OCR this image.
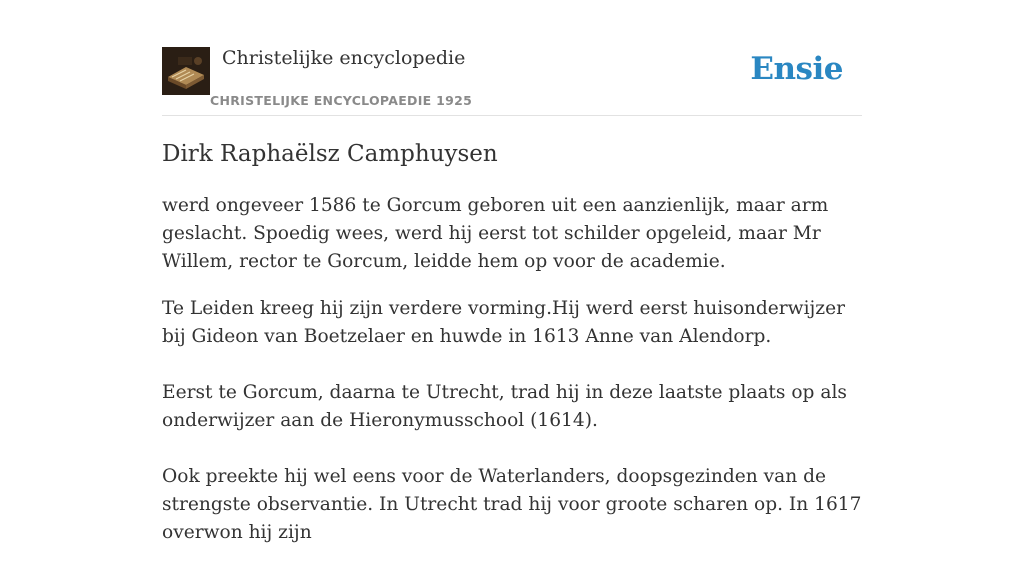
Christelijke encyclopedie
CHRISTELIJKE ENCYCLOPAEDIE 1925
Ensie
Dirk Raphaëlsz Camphuysen

werd ongeveer 1586 te Gorcum geboren uit een aanzienlijk, maar arm geslacht. Spoedig wees, werd hij eerst tot schilder opgeleid, maar Mr Willem, rector te Gorcum, leidde hem op voor de academie.

Te Leiden kreeg hij zijn verdere vorming.Hij werd eerst huisonderwijzer bij Gideon van Boetzelaer en huwde in 1613 Anne van Alendorp.

Eerst te Gorcum, daarna te Utrecht, trad hij in deze laatste plaats op als onderwijzer aan de Hieronymusschool (1614).

Ook preekte hij wel eens voor de Waterlanders, doopsgezinden van de strengste observantie. In Utrecht trad hij voor groote scharen op. In 1617 overwon hij zijn
